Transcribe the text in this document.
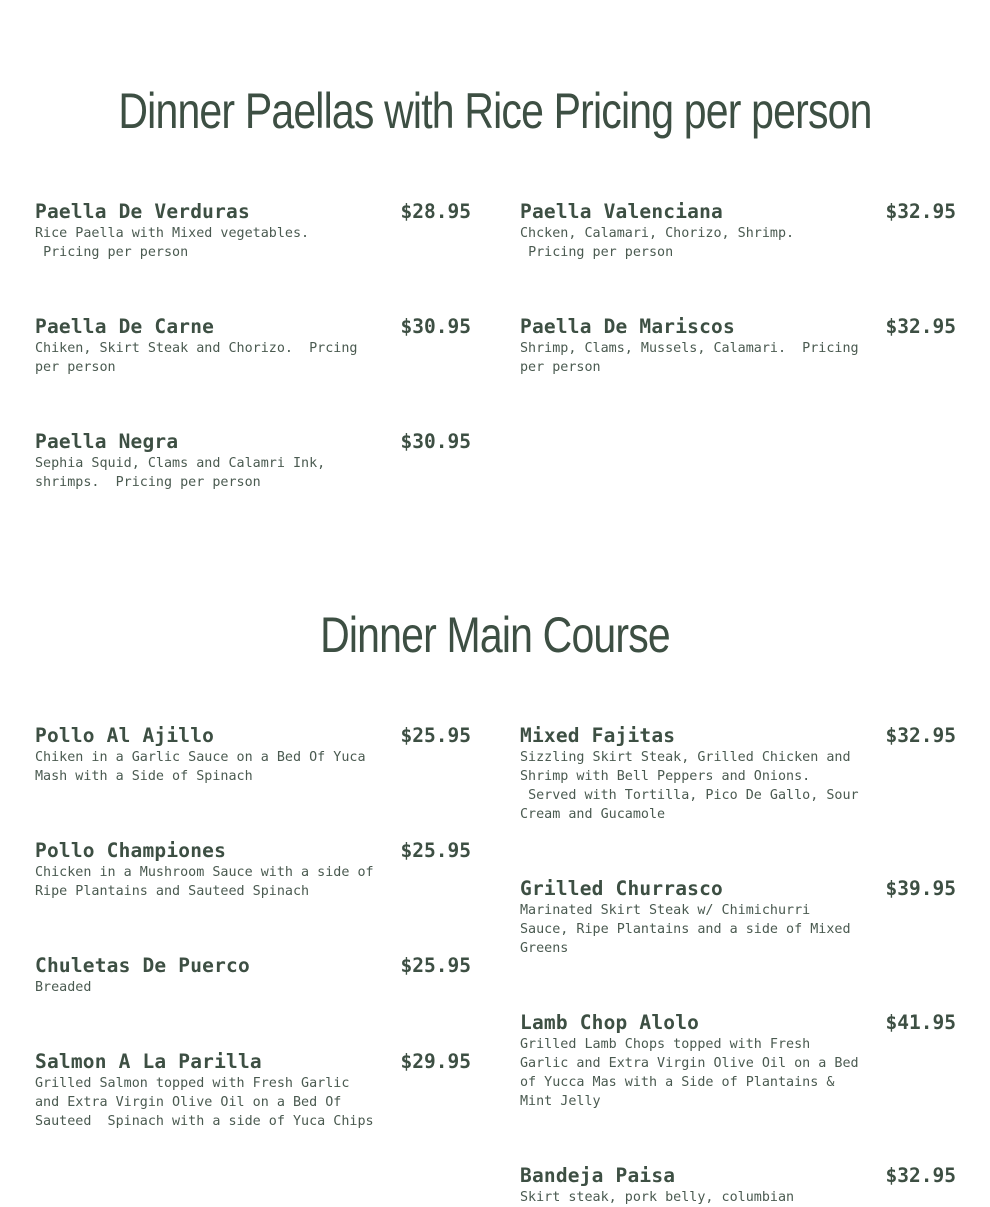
Dinner Paellas with Rice Pricing per person
Paella De Verduras	$28.95

Rice Paella with Mixed vegetables.
Pricing per person

Paella Valenciana	$32.95

Chcken, Calamari, Chorizo, Shrimp.
Pricing per person

Paella De Carne	$30.95

Chiken, Skirt Steak and Chorizo.  Prcing
per person

Paella De Mariscos	$32.95

Shrimp, Clams, Mussels, Calamari.  Pricing
per person

Paella Negra	$30.95

Sephia Squid, Clams and Calamri Ink,
shrimps.  Pricing per person

Dinner Main Course
Pollo Al Ajillo	$25.95

Chiken in a Garlic Sauce on a Bed Of Yuca
Mash with a Side of Spinach

Mixed Fajitas	$32.95

Sizzling Skirt Steak, Grilled Chicken and
Shrimp with Bell Peppers and Onions.
Served with Tortilla, Pico De Gallo, Sour
Cream and Gucamole

Pollo Championes	$25.95

Chicken in a Mushroom Sauce with a side of
Ripe Plantains and Sauteed Spinach	Grilled Churrasco	$39.95

Marinated Skirt Steak w/ Chimichurri
Sauce, Ripe Plantains and a side of Mixed
Greens

Chuletas De Puerco	$25.95

Breaded

Lamb Chop Alolo	$41.95

Grilled Lamb Chops topped with Fresh
Garlic and Extra Virgin Olive Oil on a Bed
of Yucca Mas with a Side of Plantains &
Mint Jelly

Salmon A La Parilla	$29.95

Grilled Salmon topped with Fresh Garlic
and Extra Virgin Olive Oil on a Bed Of
Sauteed  Spinach with a side of Yuca Chips

Bandeja Paisa	$32.95

Skirt steak, pork belly, columbian
